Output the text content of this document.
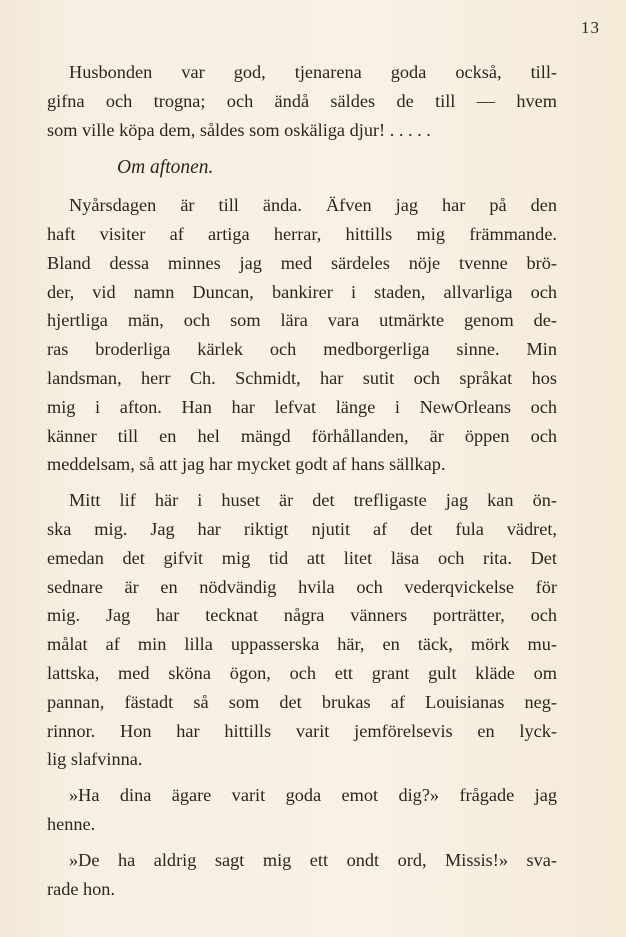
13
Husbonden var god, tjenarena goda också, till-
gifna och trogna; och ändå säldes de till — hvem
som ville köpa dem, såldes som oskäliga djur! . . . . .
Om aftonen.
Nyårsdagen är till ända. Äfven jag har på den
haft visiter af artiga herrar, hittills mig främmande.
Bland dessa minnes jag med särdeles nöje tvenne brö-
der, vid namn Duncan, bankirer i staden, allvarliga och
hjertliga män, och som lära vara utmärkte genom de-
ras broderliga kärlek och medborgerliga sinne. Min
landsman, herr Ch. Schmidt, har sutit och språkat hos
mig i afton. Han har lefvat länge i NewOrleans och
känner till en hel mängd förhållanden, är öppen och
meddelsam, så att jag har mycket godt af hans sällkap.
Mitt lif här i huset är det trefligaste jag kan ön-
ska mig. Jag har riktigt njutit af det fula vädret,
emedan det gifvit mig tid att litet läsa och rita. Det
sednare är en nödvändig hvila och vederqvickelse för
mig. Jag har tecknat några vänners porträtter, och
målat af min lilla uppasserska här, en täck, mörk mu-
lattska, med sköna ögon, och ett grant gult kläde om
pannan, fästadt så som det brukas af Louisianas neg-
rinnor. Hon har hittills varit jemförelsevis en lyck-
lig slafvinna.
»Ha dina ägare varit goda emot dig?» frågade jag
henne.
»De ha aldrig sagt mig ett ondt ord, Missis!» sva-
rade hon.
